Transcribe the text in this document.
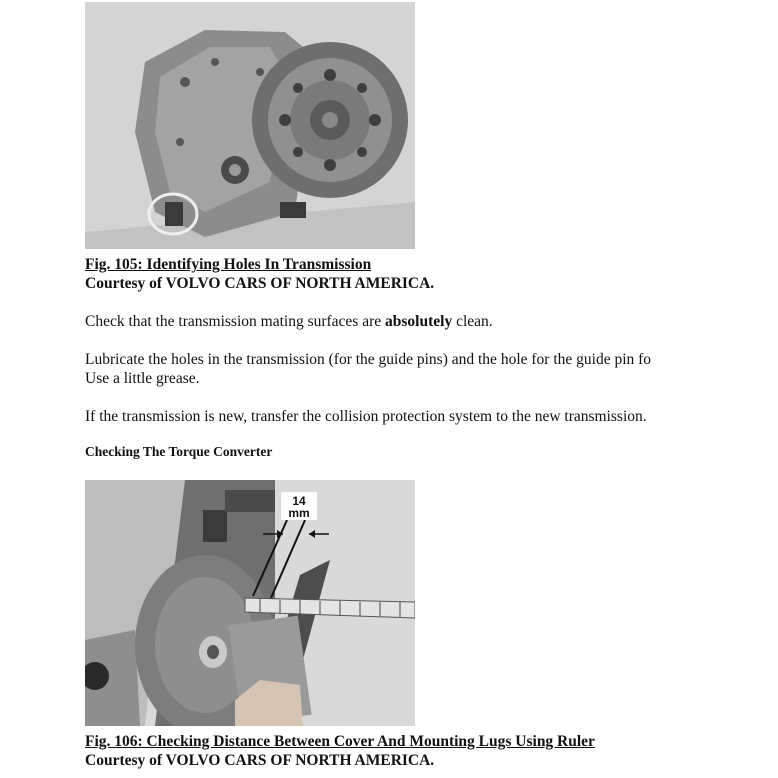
Fig. 105: Identifying Holes In Transmission
Courtesy of VOLVO CARS OF NORTH AMERICA.
Check that the transmission mating surfaces are absolutely clean.
Lubricate the holes in the transmission (for the guide pins) and the hole for the guide pin fo
Use a little grease.
If the transmission is new, transfer the collision protection system to the new transmission.
Checking The Torque Converter
14
mm
Fig. 106: Checking Distance Between Cover And Mounting Lugs Using Ruler
Courtesy of VOLVO CARS OF NORTH AMERICA.
